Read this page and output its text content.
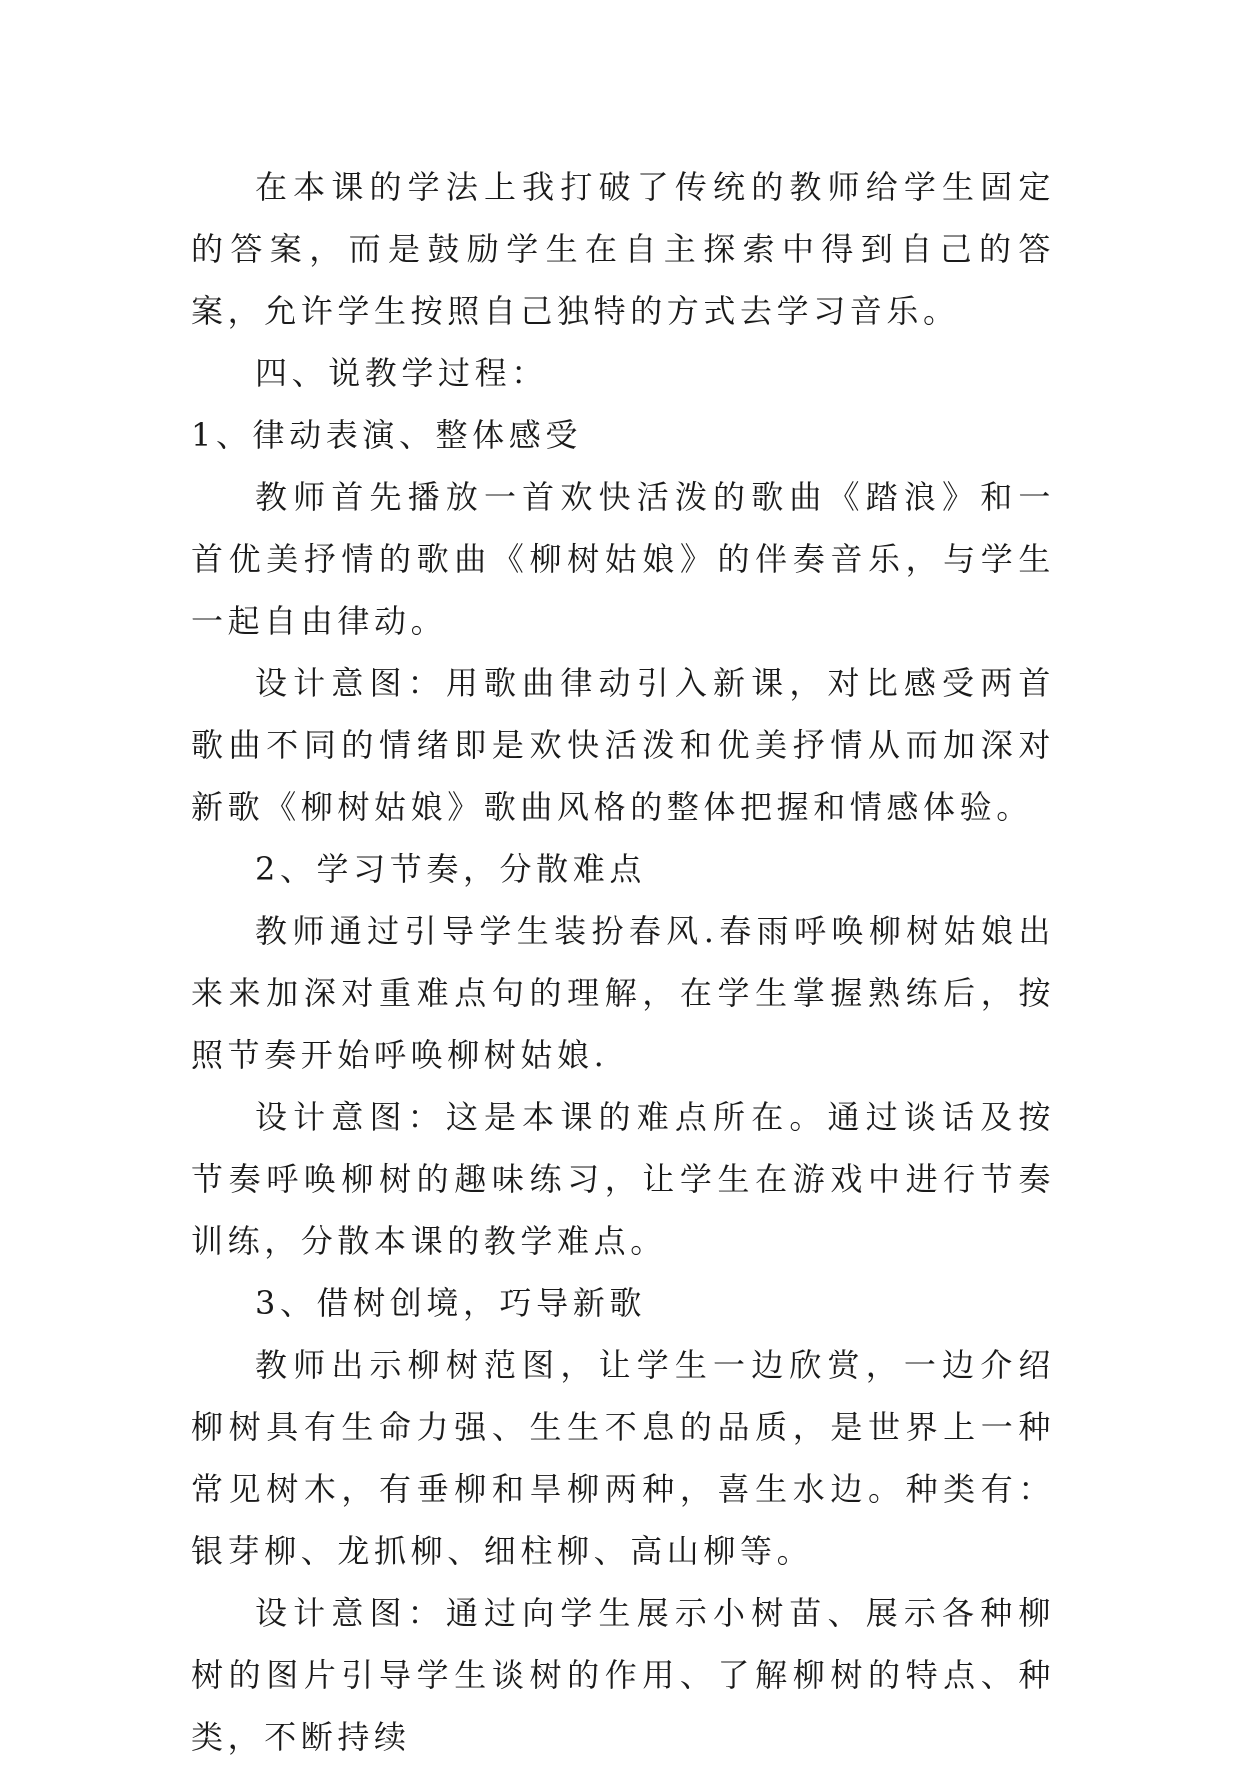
在本课的学法上我打破了传统的教师给学生固定的答案，而是鼓励学生在自主探索中得到自己的答案，允许学生按照自己独特的方式去学习音乐。

四、说教学过程：

1、律动表演、整体感受

教师首先播放一首欢快活泼的歌曲《踏浪》和一首优美抒情的歌曲《柳树姑娘》的伴奏音乐，与学生一起自由律动。

设计意图：用歌曲律动引入新课，对比感受两首歌曲不同的情绪即是欢快活泼和优美抒情从而加深对新歌《柳树姑娘》歌曲风格的整体把握和情感体验。

2、学习节奏，分散难点

教师通过引导学生装扮春风.春雨呼唤柳树姑娘出来来加深对重难点句的理解，在学生掌握熟练后，按照节奏开始呼唤柳树姑娘.

设计意图：这是本课的难点所在。通过谈话及按节奏呼唤柳树的趣味练习，让学生在游戏中进行节奏训练，分散本课的教学难点。

3、借树创境，巧导新歌

教师出示柳树范图，让学生一边欣赏，一边介绍柳树具有生命力强、生生不息的品质，是世界上一种常见树木，有垂柳和旱柳两种，喜生水边。种类有：银芽柳、龙抓柳、细柱柳、高山柳等。

设计意图：通过向学生展示小树苗、展示各种柳树的图片引导学生谈树的作用、了解柳树的特点、种类，不断持续
